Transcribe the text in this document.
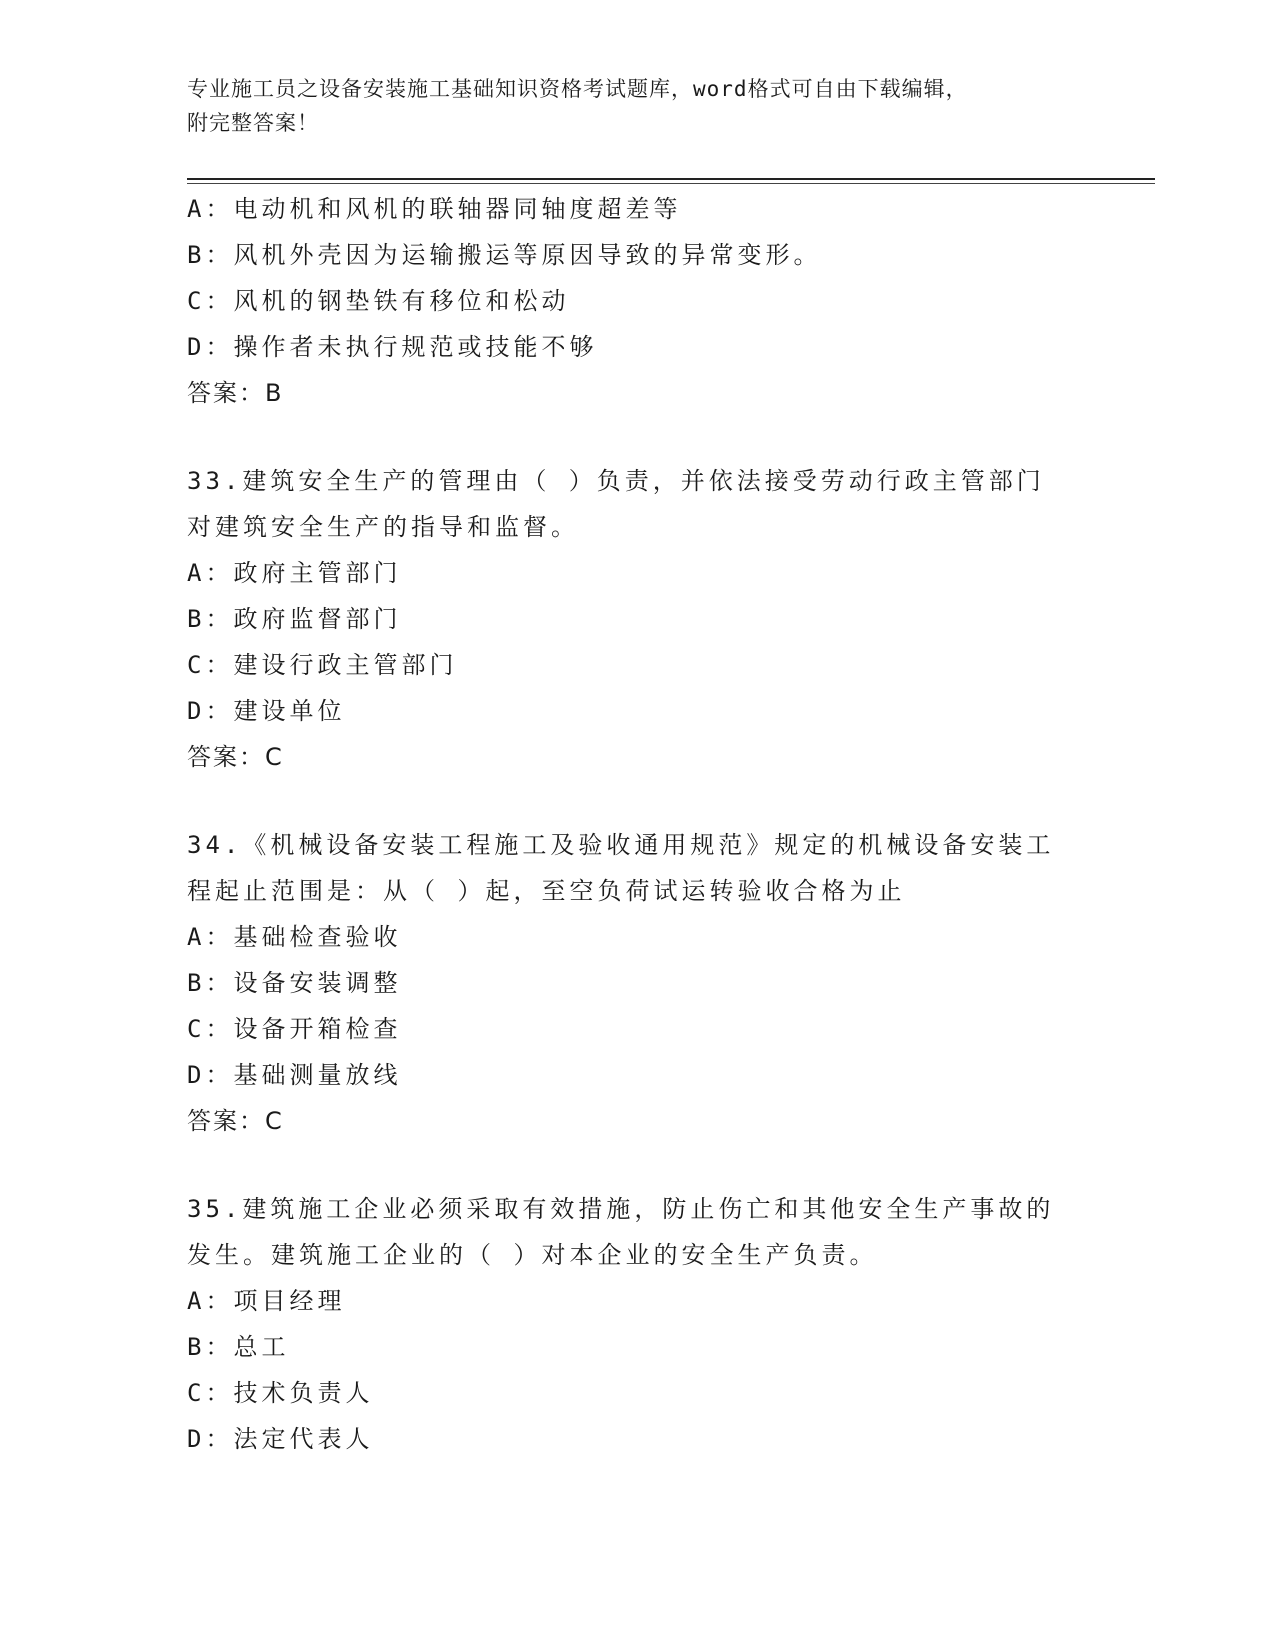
专业施工员之设备安装施工基础知识资格考试题库，word格式可自由下载编辑，
附完整答案！
A：电动机和风机的联轴器同轴度超差等
B：风机外壳因为运输搬运等原因导致的异常变形。
C：风机的钢垫铁有移位和松动
D：操作者未执行规范或技能不够
答案：B
33.建筑安全生产的管理由（ ）负责，并依法接受劳动行政主管部门
对建筑安全生产的指导和监督。
A：政府主管部门
B：政府监督部门
C：建设行政主管部门
D：建设单位
答案：C
34.《机械设备安装工程施工及验收通用规范》规定的机械设备安装工
程起止范围是：从（ ）起，至空负荷试运转验收合格为止
A：基础检查验收
B：设备安装调整
C：设备开箱检查
D：基础测量放线
答案：C
35.建筑施工企业必须采取有效措施，防止伤亡和其他安全生产事故的
发生。建筑施工企业的（ ）对本企业的安全生产负责。
A：项目经理
B：总工
C：技术负责人
D：法定代表人
